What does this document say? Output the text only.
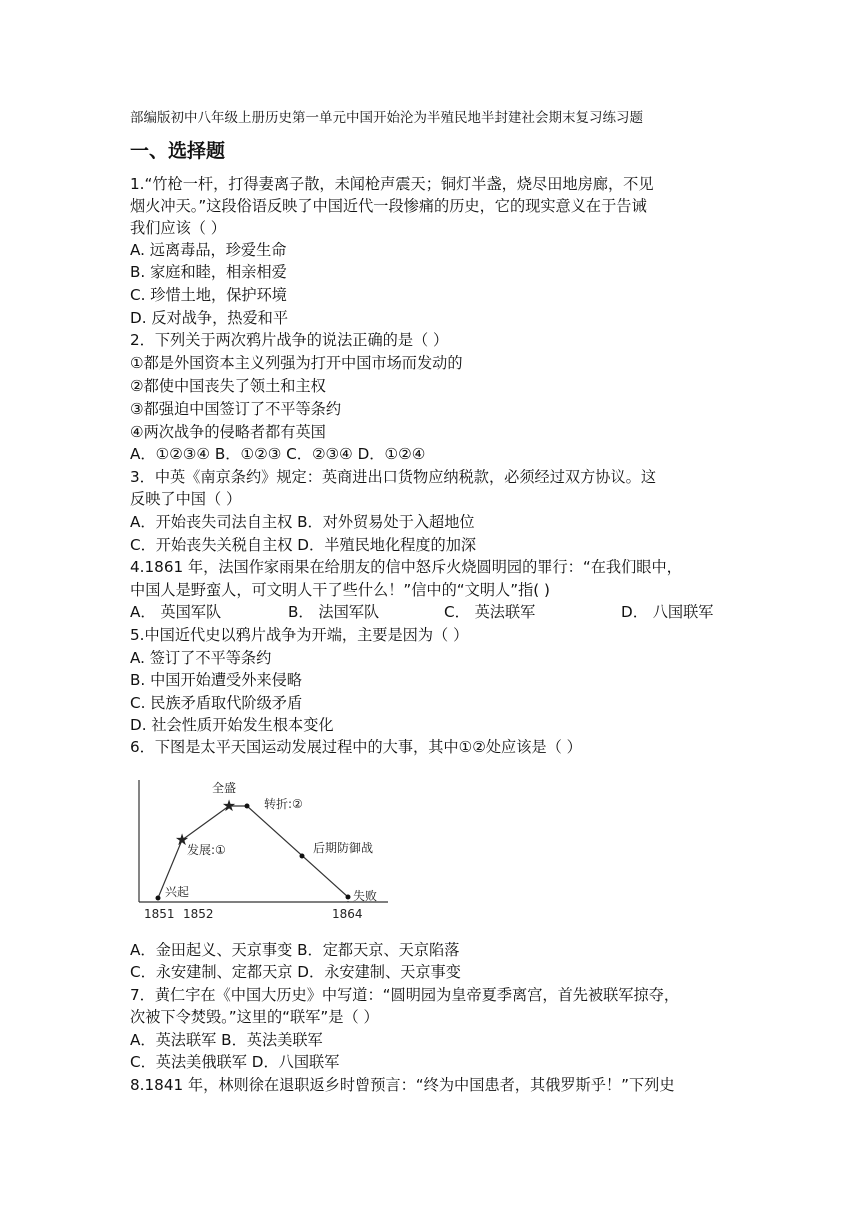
部编版初中八年级上册历史第一单元中国开始沦为半殖民地半封建社会期末复习练习题
一、选择题
1.“竹枪一杆，打得妻离子散，未闻枪声震天；铜灯半盏，烧尽田地房廊，不见
烟火冲天。”这段俗语反映了中国近代一段惨痛的历史，它的现实意义在于告诫
我们应该（ ）
A. 远离毒品，珍爱生命
B. 家庭和睦，相亲相爱
C. 珍惜土地，保护环境
D. 反对战争，热爱和平
2．下列关于两次鸦片战争的说法正确的是（ ）
①都是外国资本主义列强为打开中国市场而发动的
②都使中国丧失了领土和主权
③都强迫中国签订了不平等条约
④两次战争的侵略者都有英国
A．①②③④ B．①②③ C．②③④ D．①②④
3．中英《南京条约》规定：英商进出口货物应纳税款，必须经过双方协议。这
反映了中国（ ）
A．开始丧失司法自主权 B．对外贸易处于入超地位
C．开始丧失关税自主权 D．半殖民地化程度的加深
4.1861 年，法国作家雨果在给朋友的信中怒斥火烧圆明园的罪行：“在我们眼中，
中国人是野蛮人，可文明人干了些什么！”信中的“文明人”指( )
A． 英国军队	B． 法国军队	C． 英法联军	D． 八国联军
5.中国近代史以鸦片战争为开端，主要是因为（ ）
A. 签订了不平等条约
B. 中国开始遭受外来侵略
C. 民族矛盾取代阶级矛盾
D. 社会性质开始发生根本变化
6．下图是太平天国运动发展过程中的大事，其中①②处应该是（ ）
★
★
全盛
转折:②
发展:①	后期防御战
兴起	失败
1851 1852	1864
A．金田起义、天京事变 B．定都天京、天京陷落
C．永安建制、定都天京 D．永安建制、天京事变
7．黄仁宇在《中国大历史》中写道：“圆明园为皇帝夏季离宫，首先被联军掠夺，
次被下令焚毁。”这里的“联军”是（ ）
A．英法联军 B．英法美联军
C．英法美俄联军 D．八国联军
8.1841 年，林则徐在退职返乡时曾预言：“终为中国患者，其俄罗斯乎！”下列史
